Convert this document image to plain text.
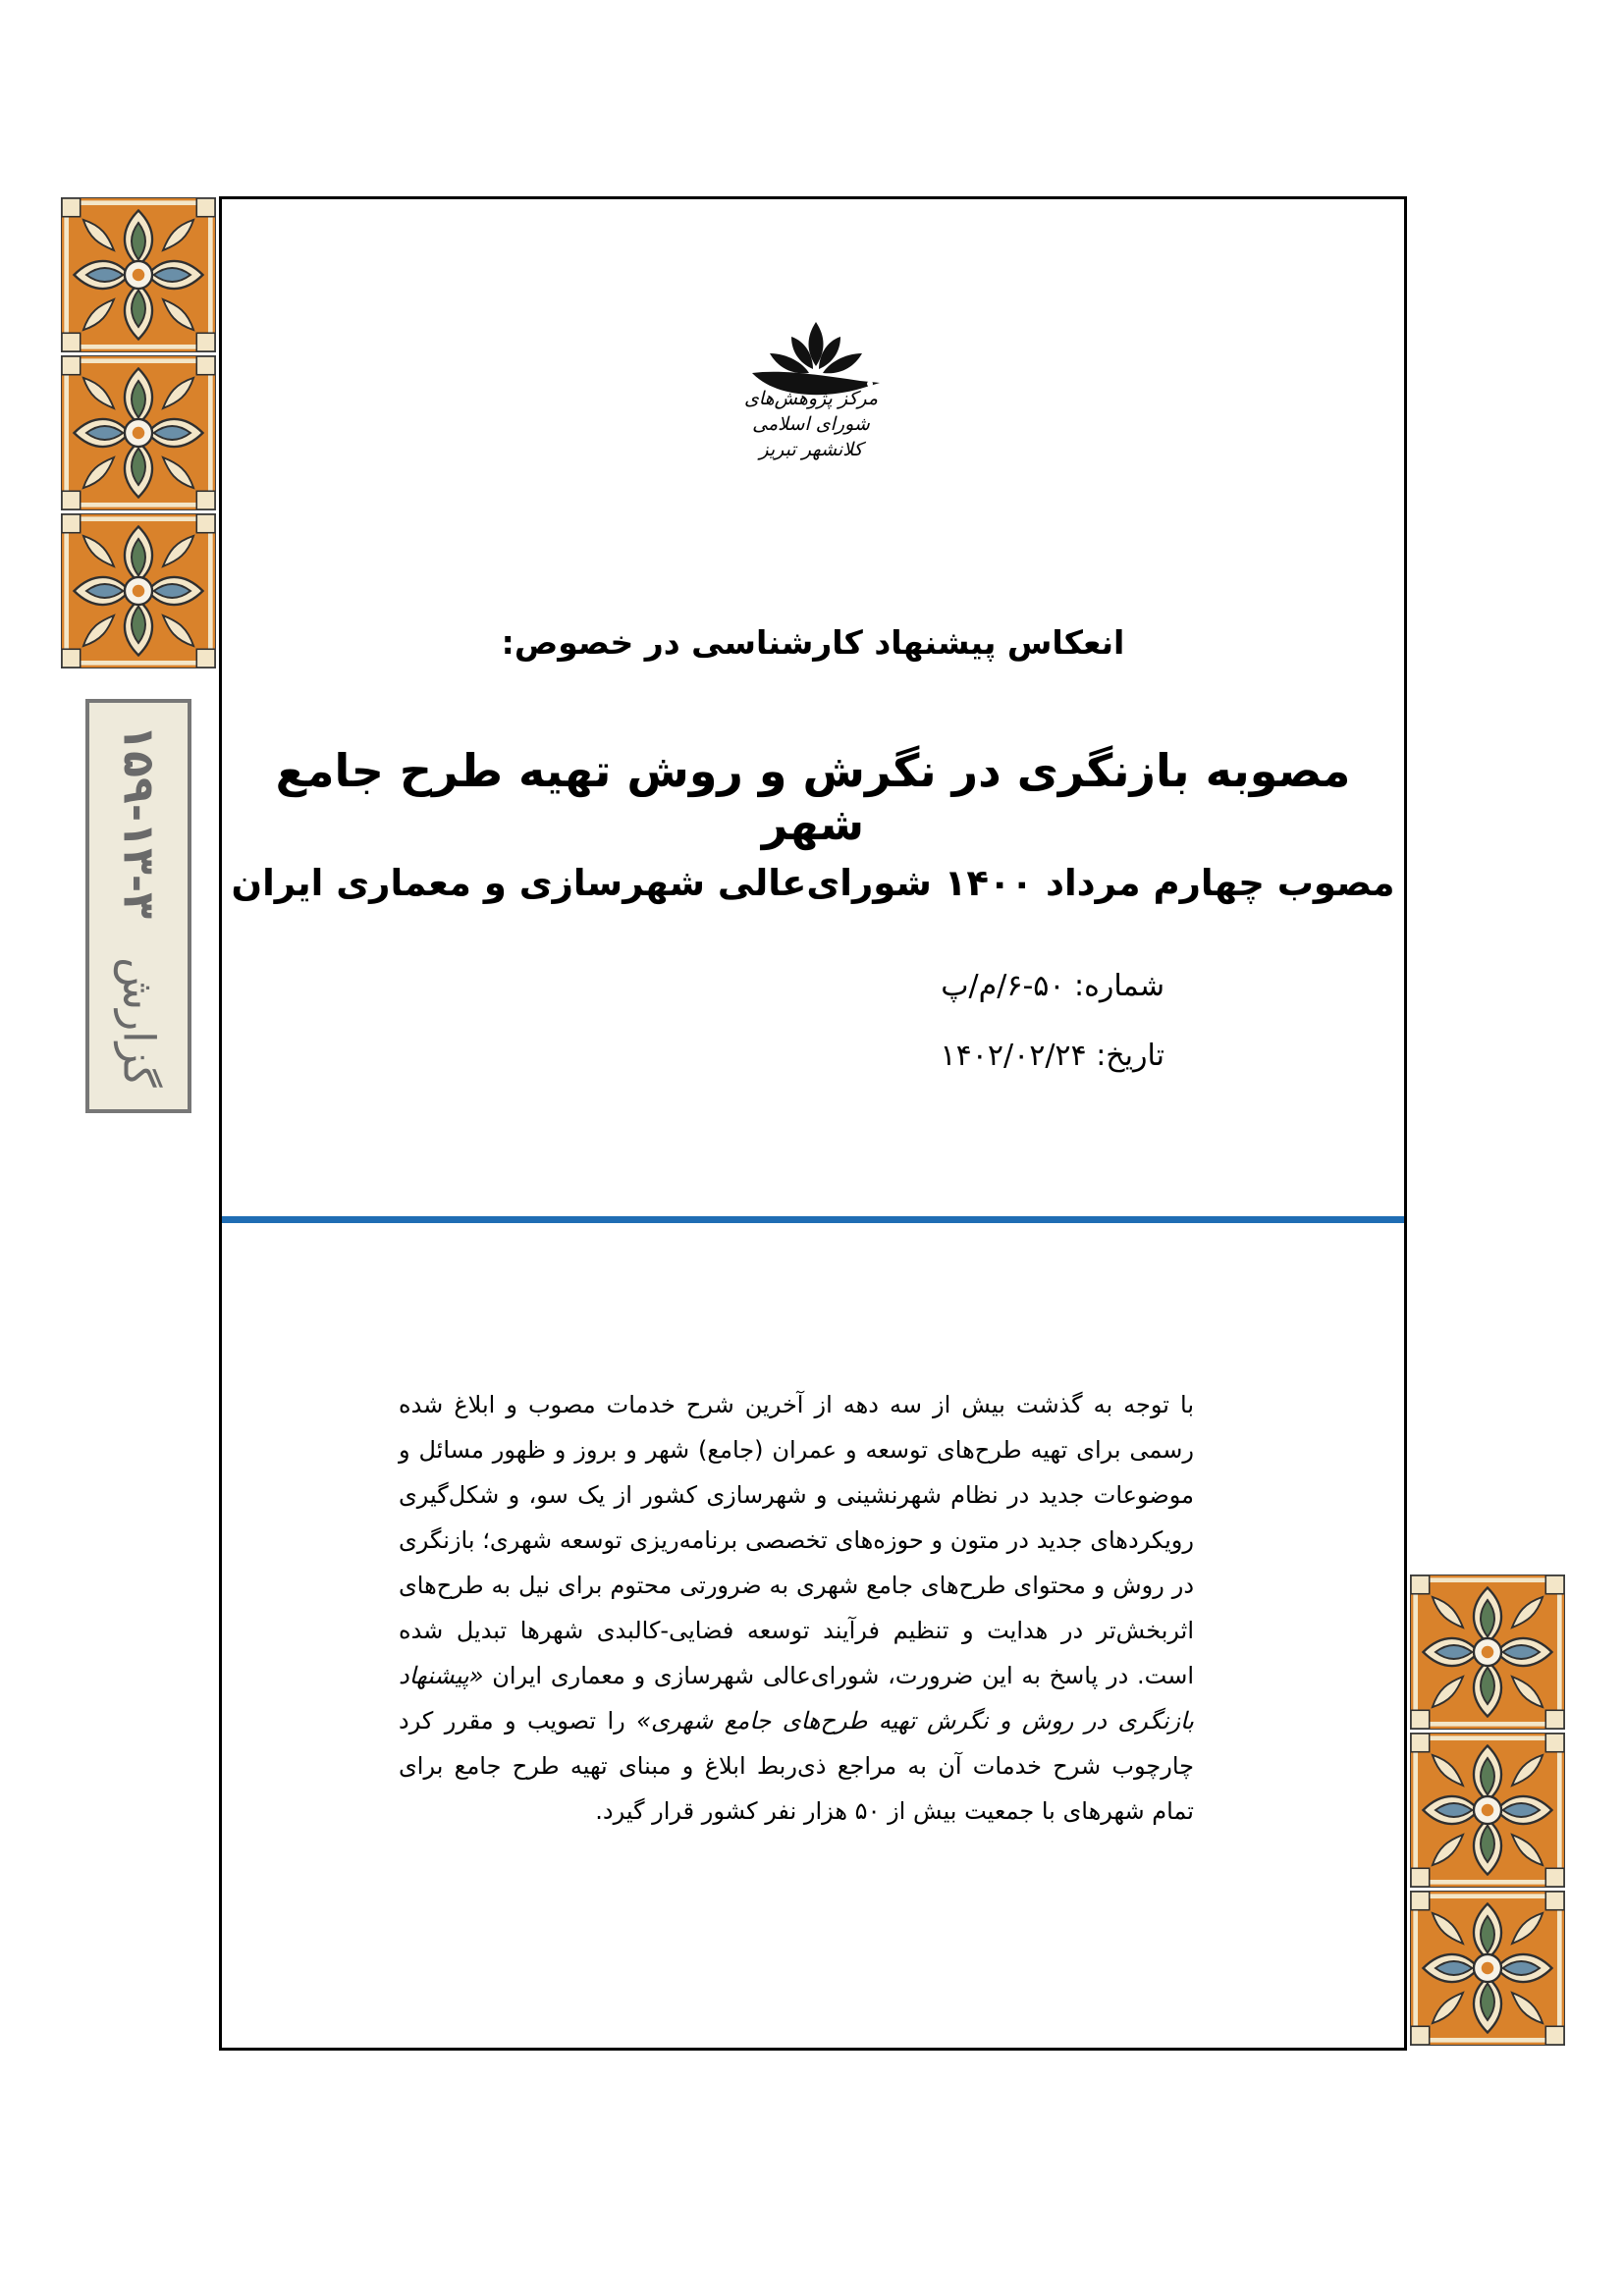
گزارش ۳-۱۳-۱۵۹
مرکز پژوهش‌های شورای اسلامی
کلانشهر تبریز
انعکاس پیشنهاد کارشناسی در خصوص:
مصوبه بازنگری در نگرش و روش تهیه طرح جامع شهر
مصوب چهارم مرداد ۱۴۰۰ شورای‌عالی شهرسازی و معماری ایران
شماره: ۵۰-۶/م/پ
تاریخ: ۱۴۰۲/۰۲/۲۴
با توجه به گذشت بیش از سه دهه از آخرین شرح خدمات مصوب و ابلاغ شده رسمی برای تهیه طرح‌های توسعه و عمران (جامع) شهر و بروز و ظهور مسائل و موضوعات جدید در نظام شهرنشینی و شهرسازی کشور از یک سو، و شکل‌گیری رویکردهای جدید در متون و حوزه‌های تخصصی برنامه‌ریزی توسعه شهری؛ بازنگری در روش و محتوای طرح‌های جامع شهری به ضرورتی محتوم برای نیل به طرح‌های اثربخش‌تر در هدایت و تنظیم فرآیند توسعه فضایی-کالبدی شهرها تبدیل شده است. در پاسخ به این ضرورت، شورای‌عالی شهرسازی و معماری ایران «پیشنهاد بازنگری در روش و نگرش تهیه طرح‌های جامع شهری» را تصویب و مقرر کرد چارچوب شرح خدمات آن به مراجع ذی‌ربط ابلاغ و مبنای تهیه طرح جامع برای تمام شهرهای با جمعیت بیش از ۵۰ هزار نفر کشور قرار گیرد.
